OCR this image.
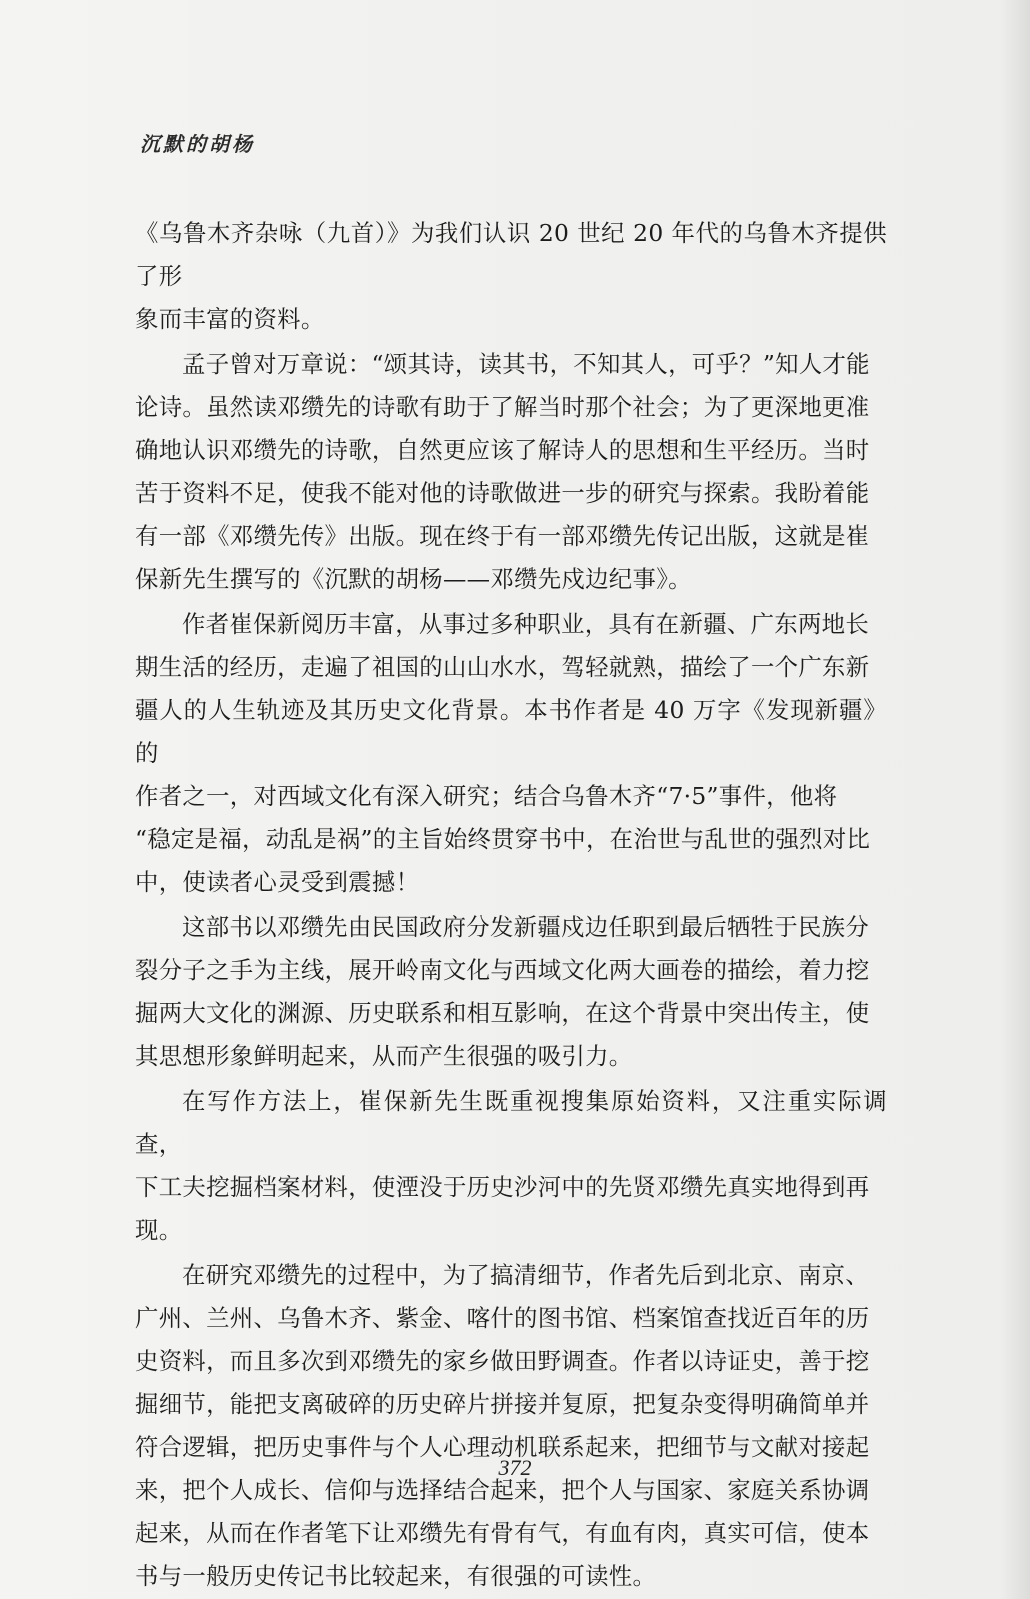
沉默的胡杨

《乌鲁木齐杂咏（九首）》为我们认识 20 世纪 20 年代的乌鲁木齐提供了形
象而丰富的资料。

孟子曾对万章说：“颂其诗，读其书，不知其人，可乎？”知人才能
论诗。虽然读邓缵先的诗歌有助于了解当时那个社会；为了更深地更准
确地认识邓缵先的诗歌，自然更应该了解诗人的思想和生平经历。当时
苦于资料不足，使我不能对他的诗歌做进一步的研究与探索。我盼着能
有一部《邓缵先传》出版。现在终于有一部邓缵先传记出版，这就是崔
保新先生撰写的《沉默的胡杨——邓缵先戍边纪事》。

作者崔保新阅历丰富，从事过多种职业，具有在新疆、广东两地长
期生活的经历，走遍了祖国的山山水水，驾轻就熟，描绘了一个广东新
疆人的人生轨迹及其历史文化背景。本书作者是 40 万字《发现新疆》的
作者之一，对西域文化有深入研究；结合乌鲁木齐“7·5”事件，他将
“稳定是福，动乱是祸”的主旨始终贯穿书中，在治世与乱世的强烈对比
中，使读者心灵受到震撼！

这部书以邓缵先由民国政府分发新疆戍边任职到最后牺牲于民族分
裂分子之手为主线，展开岭南文化与西域文化两大画卷的描绘，着力挖
掘两大文化的渊源、历史联系和相互影响，在这个背景中突出传主，使
其思想形象鲜明起来，从而产生很强的吸引力。

在写作方法上，崔保新先生既重视搜集原始资料，又注重实际调查，
下工夫挖掘档案材料，使湮没于历史沙河中的先贤邓缵先真实地得到再
现。

在研究邓缵先的过程中，为了搞清细节，作者先后到北京、南京、
广州、兰州、乌鲁木齐、紫金、喀什的图书馆、档案馆查找近百年的历
史资料，而且多次到邓缵先的家乡做田野调查。作者以诗证史，善于挖
掘细节，能把支离破碎的历史碎片拼接并复原，把复杂变得明确简单并
符合逻辑，把历史事件与个人心理动机联系起来，把细节与文献对接起
来，把个人成长、信仰与选择结合起来，把个人与国家、家庭关系协调
起来，从而在作者笔下让邓缵先有骨有气，有血有肉，真实可信，使本
书与一般历史传记书比较起来，有很强的可读性。

372
